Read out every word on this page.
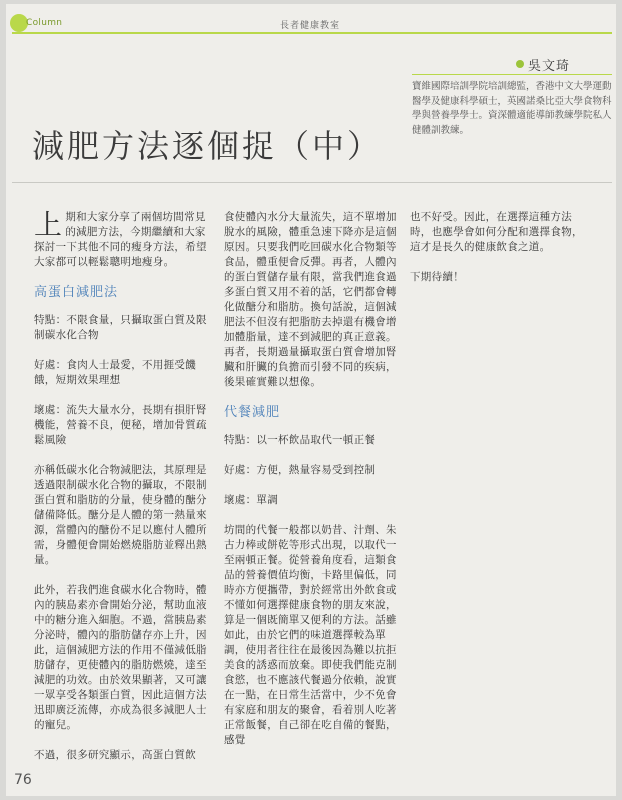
Column	長者健康教室
減肥方法逐個捉（中）
吳文琦
寶維國際培訓學院培訓總監，香港中文大學運動醫學及健康科學碩士，英國諾桑比亞大學食物科學與營養學學士。資深體適能導師教練學院私人健體訓教練。

上期和大家分享了兩個坊間常見的減肥方法，今期繼續和大家探討一下其他不同的瘦身方法，希望大家都可以輕鬆聰明地瘦身。

高蛋白減肥法

特點：不限食量，只攝取蛋白質及限制碳水化合物

好處：食肉人士最愛，不用捱受饑餓，短期效果理想

壞處：流失大量水分，長期有損肝腎機能，營養不良，便秘，增加骨質疏鬆風險

亦稱低碳水化合物減肥法，其原理是透過限制碳水化合物的攝取，不限制蛋白質和脂肪的分量，使身體的醣分儲備降低。醣分是人體的第一熱量來源，當體內的醣份不足以應付人體所需，身體便會開始燃燒脂肪並釋出熱量。

此外，若我們進食碳水化合物時，體內的胰島素亦會開始分泌，幫助血液中的糖分進入細胞。不過，當胰島素分泌時，體內的脂肪儲存亦上升，因此，這個減肥方法的作用不僅減低脂肪儲存，更使體內的脂肪燃燒，達至減肥的功效。由於效果顯著，又可讓一眾享受各類蛋白質，因此這個方法迅即廣泛流傳，亦成為很多減肥人士的寵兒。

不過，很多研究顯示，高蛋白質飲

食使體內水分大量流失，這不單增加脫水的風險，體重急速下降亦是這個原因。只要我們吃回碳水化合物類等食品，體重便會反彈。再者，人體內的蛋白質儲存量有限，當我們進食過多蛋白質又用不着的話，它們都會轉化做醣分和脂肪。換句話說，這個減肥法不但沒有把脂肪去掉還有機會增加體脂量，達不到減肥的真正意義。再者，長期過量攝取蛋白質會增加腎臟和肝臟的負擔而引發不同的疾病，後果確實難以想像。

代餐減肥

特點：以一杯飲品取代一頓正餐

好處：方便，熱量容易受到控制

壞處：單調

坊間的代餐一般都以奶昔、汁劑、朱古力棒或餅乾等形式出現，以取代一至兩頓正餐。從營養角度看，這類食品的營養價值均衡，卡路里偏低，同時亦方便攜帶，對於經常出外飲食或不懂如何選擇健康食物的朋友來說，算是一個既簡單又便利的方法。話雖如此，由於它們的味道選擇較為單調，使用者往往在最後因為難以抗拒美食的誘惑而放棄。即使我們能克制食慾，也不應該代餐過分依賴，說實在一點，在日常生活當中，少不免會有家庭和朋友的聚會，看着別人吃著正常飯餐，自己卻在吃自備的餐點，感覺

也不好受。因此，在選擇這種方法時，也應學會如何分配和選擇食物，這才是長久的健康飲食之道。

下期待續！

76
